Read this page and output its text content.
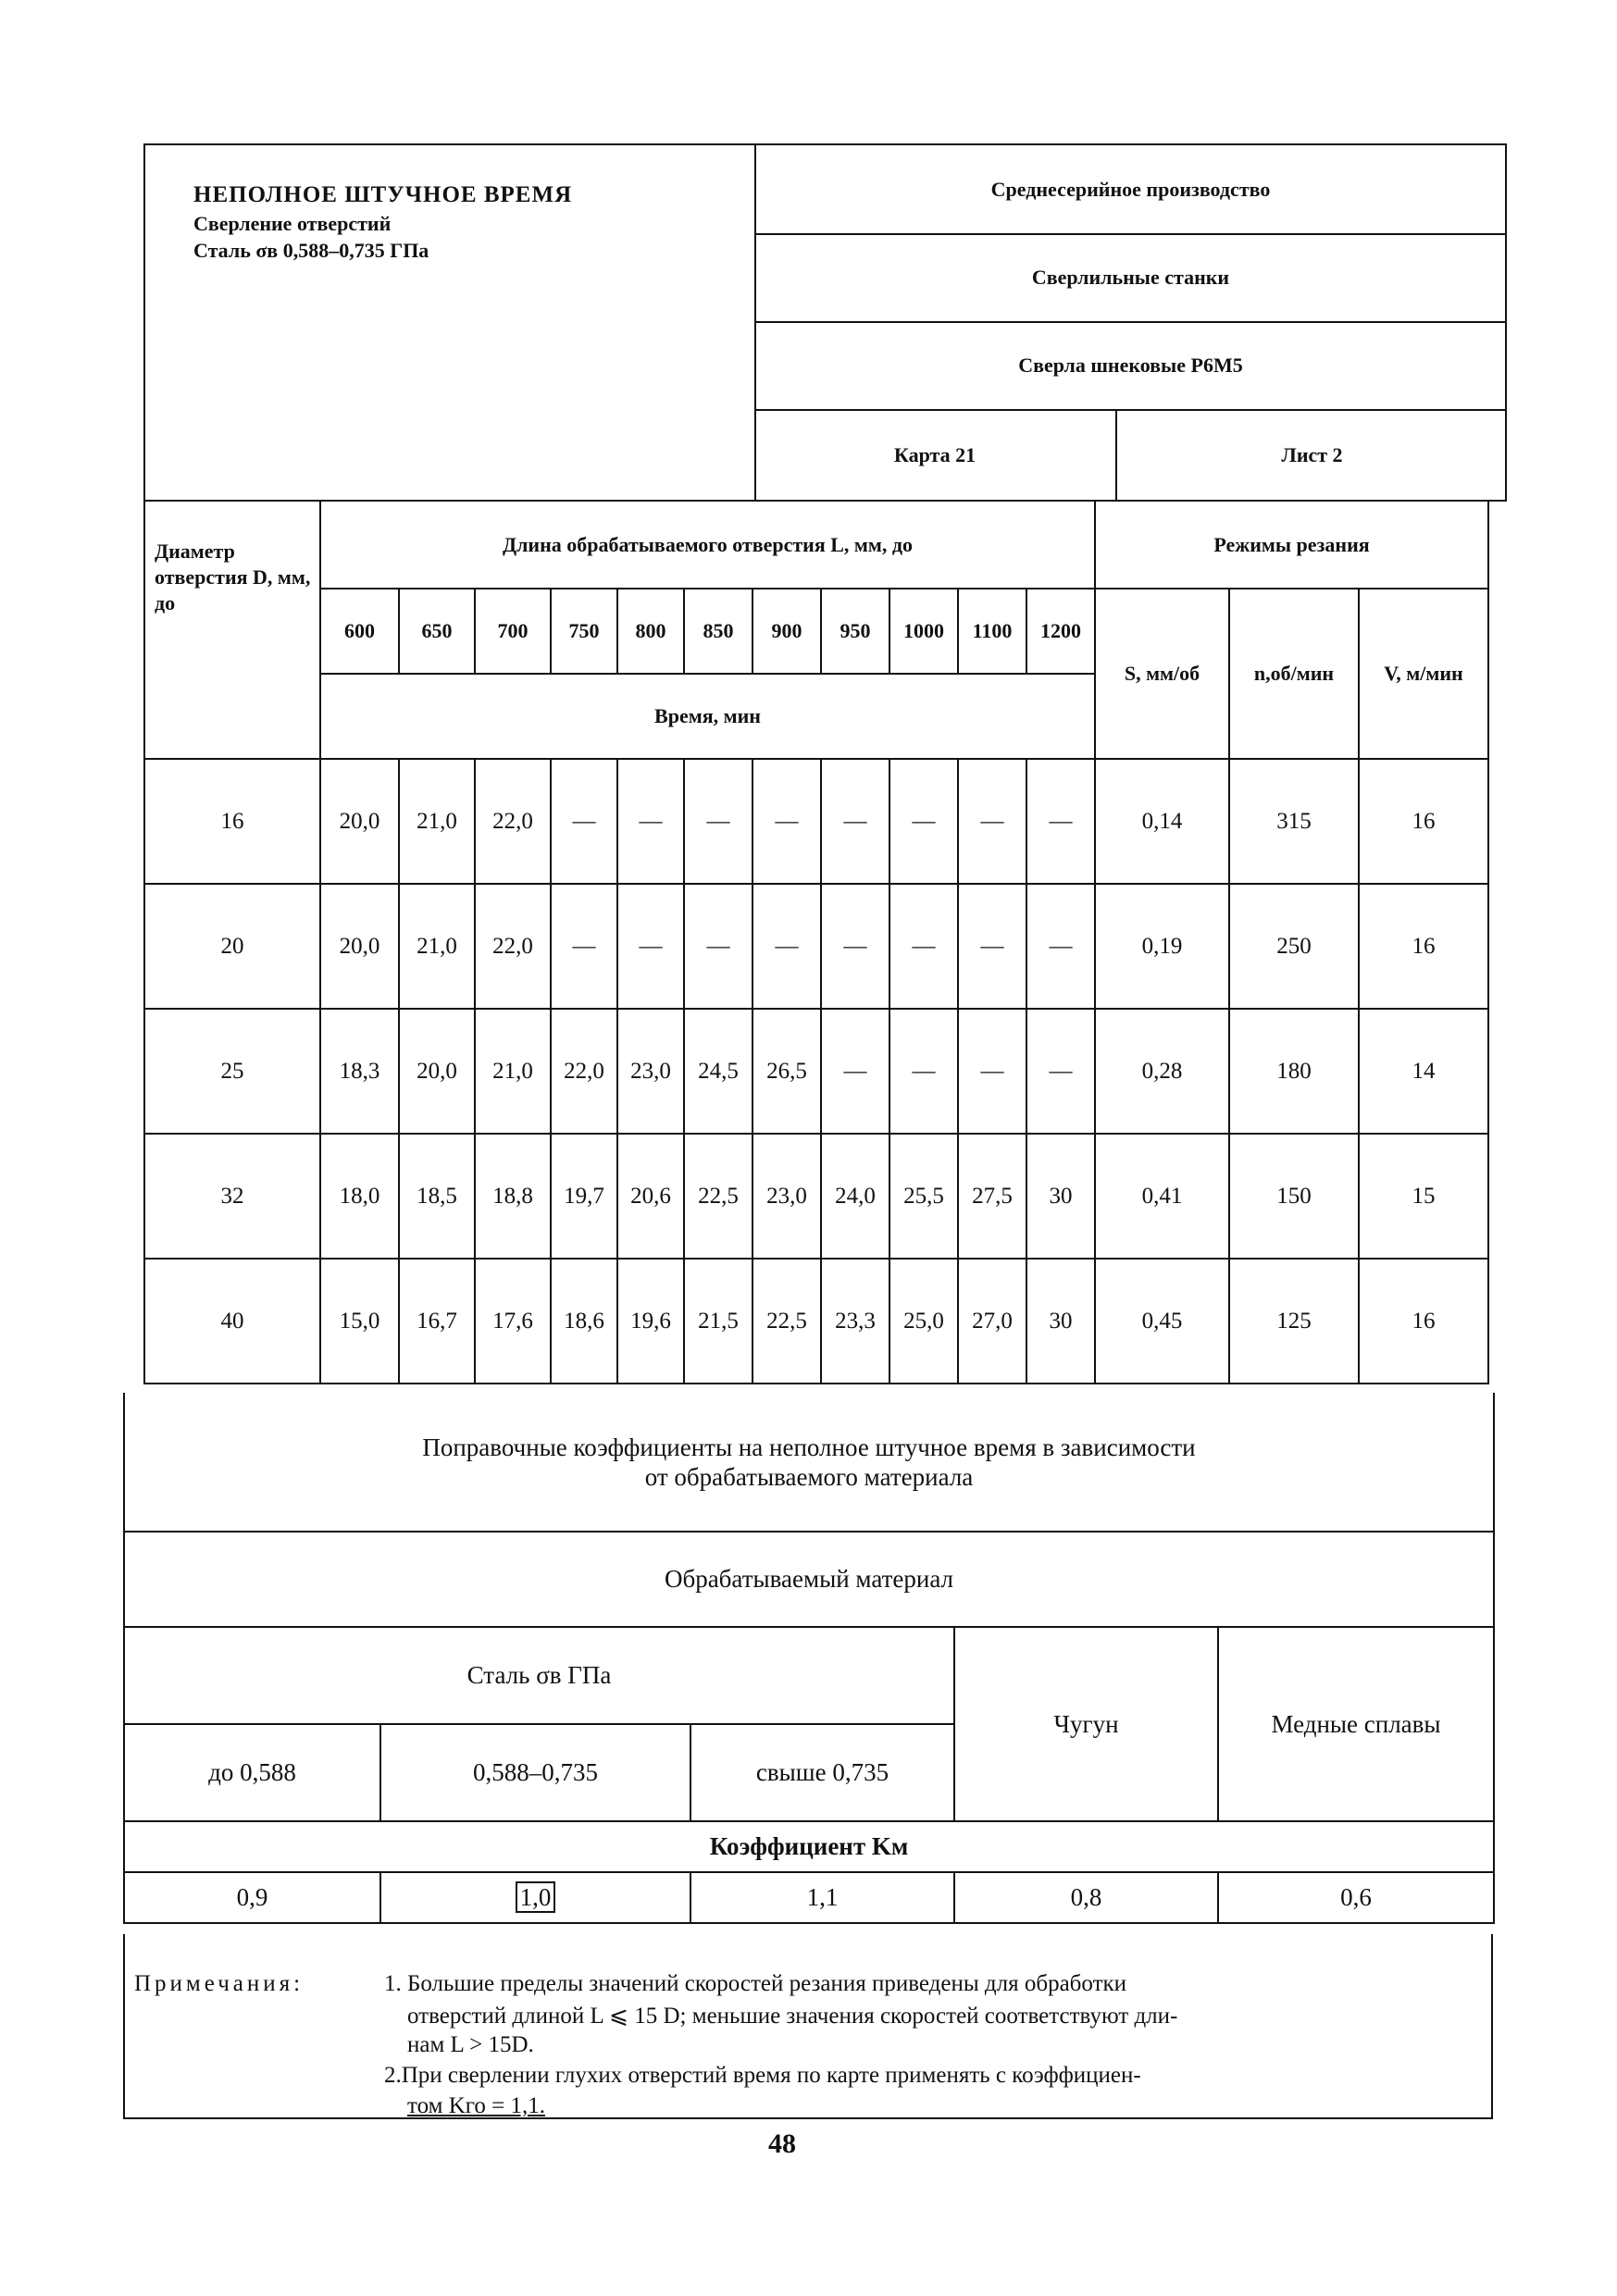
НЕПОЛНОЕ ШТУЧНОЕ ВРЕМЯ
Сверление отверстий
Сталь σв 0,588–0,735 ГПа
Среднесерийное производство
Сверлильные станки
Сверла шнековые Р6М5
Карта 21	Лист 2
Диаметр отверстия D, мм, до	Длина обрабатываемого отверстия L, мм, до											Режимы резания		
	600	650	700	750	800	850	900	950	1000	1100	1200	S, мм/об	n,об/мин	V, м/мин
	Время, мин													
16	20,0	21,0	22,0	—	—	—	—	—	—	—	—	0,14	315	16
20	20,0	21,0	22,0	—	—	—	—	—	—	—	—	0,19	250	16
25	18,3	20,0	21,0	22,0	23,0	24,5	26,5	—	—	—	—	0,28	180	14
32	18,0	18,5	18,8	19,7	20,6	22,5	23,0	24,0	25,5	27,5	30	0,41	150	15
40	15,0	16,7	17,6	18,6	19,6	21,5	22,5	23,3	25,0	27,0	30	0,45	125	16
Поправочные коэффициенты на неполное штучное время в зависимости
от обрабатываемого материала				

Обрабатываемый материал				
Сталь σв ГПа			Чугун	Медные сплавы
до 0,588	0,588–0,735	свыше 0,735		
Коэффициент Kм				
0,9	1,0	1,1	0,8	0,6
Примечания:	1. Большие пределы значений скоростей резания приведены для обработки
отверстий длиной L ⩽ 15 D; меньшие значения скоростей соответствуют дли-
нам L > 15D.
2.При сверлении глухих отверстий время по карте применять с коэффициен-
том Kго = 1,1.
48
